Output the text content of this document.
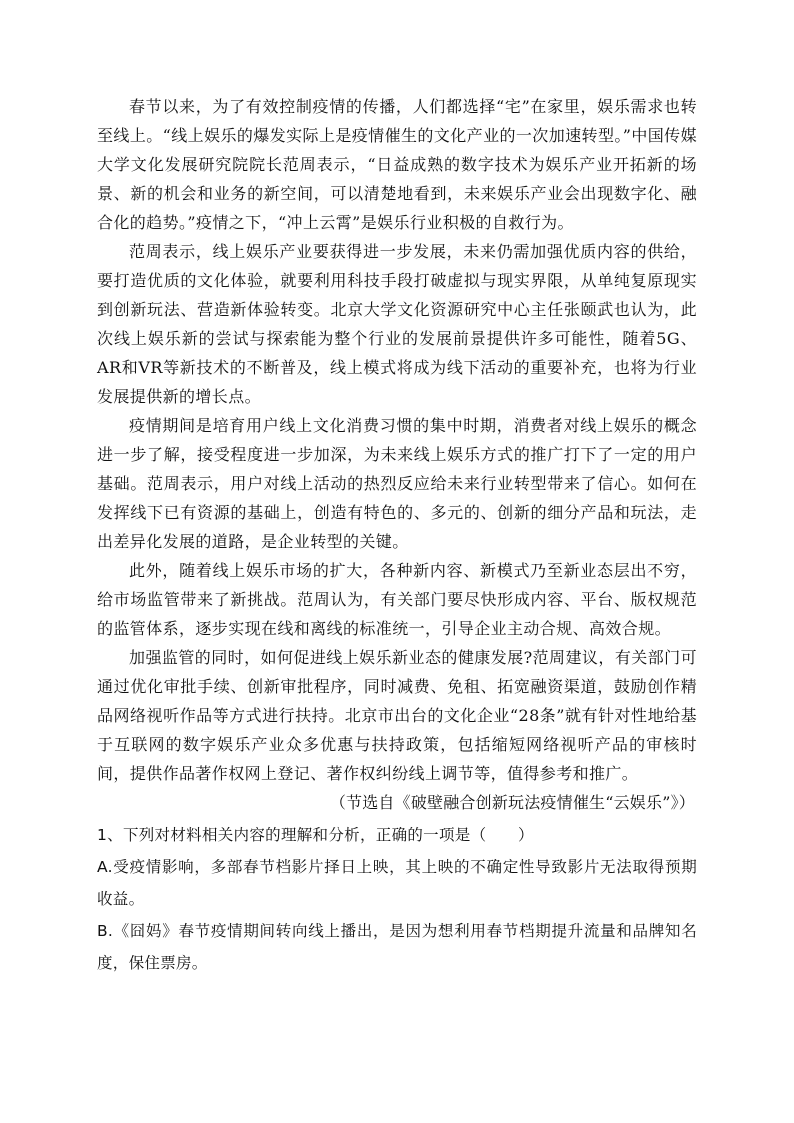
春节以来，为了有效控制疫情的传播，人们都选择“宅”在家里，娱乐需求也转至线上。“线上娱乐的爆发实际上是疫情催生的文化产业的一次加速转型。”中国传媒大学文化发展研究院院长范周表示，“日益成熟的数字技术为娱乐产业开拓新的场景、新的机会和业务的新空间，可以清楚地看到，未来娱乐产业会出现数字化、融合化的趋势。”疫情之下，“冲上云霄”是娱乐行业积极的自救行为。

范周表示，线上娱乐产业要获得进一步发展，未来仍需加强优质内容的供给，要打造优质的文化体验，就要利用科技手段打破虚拟与现实界限，从单纯复原现实到创新玩法、营造新体验转变。北京大学文化资源研究中心主任张颐武也认为，此次线上娱乐新的尝试与探索能为整个行业的发展前景提供许多可能性，随着5G、AR和VR等新技术的不断普及，线上模式将成为线下活动的重要补充，也将为行业发展提供新的增长点。

疫情期间是培育用户线上文化消费习惯的集中时期，消费者对线上娱乐的概念进一步了解，接受程度进一步加深，为未来线上娱乐方式的推广打下了一定的用户基础。范周表示，用户对线上活动的热烈反应给未来行业转型带来了信心。如何在发挥线下已有资源的基础上，创造有特色的、多元的、创新的细分产品和玩法，走出差异化发展的道路，是企业转型的关键。

此外，随着线上娱乐市场的扩大，各种新内容、新模式乃至新业态层出不穷，给市场监管带来了新挑战。范周认为，有关部门要尽快形成内容、平台、版权规范的监管体系，逐步实现在线和离线的标准统一，引导企业主动合规、高效合规。

加强监管的同时，如何促进线上娱乐新业态的健康发展?范周建议，有关部门可通过优化审批手续、创新审批程序，同时减费、免租、拓宽融资渠道，鼓励创作精品网络视听作品等方式进行扶持。北京市出台的文化企业“28条”就有针对性地给基于互联网的数字娱乐产业众多优惠与扶持政策，包括缩短网络视听产品的审核时间，提供作品著作权网上登记、著作权纠纷线上调节等，值得参考和推广。

（节选自《破壁融合创新玩法疫情催生“云娱乐”》）

1、下列对材料相关内容的理解和分析，正确的一项是（　　）

A.受疫情影响，多部春节档影片择日上映，其上映的不确定性导致影片无法取得预期收益。

B.《囧妈》春节疫情期间转向线上播出，是因为想利用春节档期提升流量和品牌知名度，保住票房。
